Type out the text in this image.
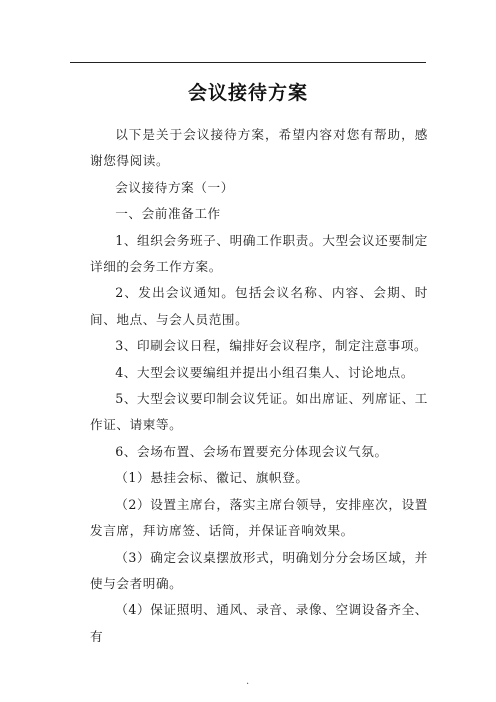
会议接待方案

以下是关于会议接待方案，希望内容对您有帮助，感谢您得阅读。

会议接待方案（一）

一、会前准备工作

1、组织会务班子、明确工作职责。大型会议还要制定详细的会务工作方案。

2、发出会议通知。包括会议名称、内容、会期、时间、地点、与会人员范围。

3、印刷会议日程，编排好会议程序，制定注意事项。

4、大型会议要编组并提出小组召集人、讨论地点。

5、大型会议要印制会议凭证。如出席证、列席证、工作证、请柬等。

6、会场布置、会场布置要充分体现会议气氛。

（1）悬挂会标、徽记、旗帜登。

（2）设置主席台，落实主席台领导，安排座次，设置发言席，拜访席签、话筒，并保证音响效果。

（3）确定会议桌摆放形式，明确划分分会场区域，并使与会者明确。

（4）保证照明、通风、录音、录像、空调设备齐全、有

.
